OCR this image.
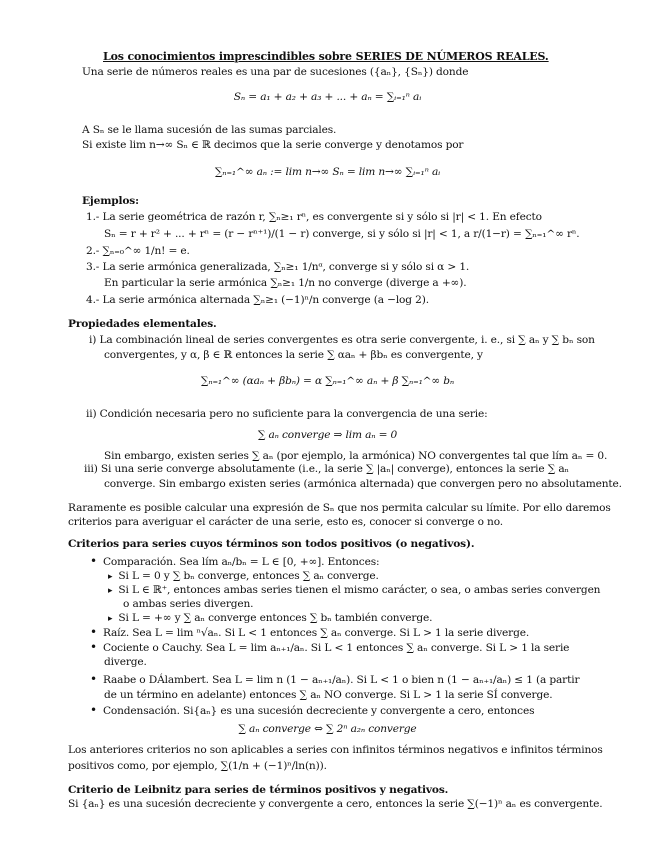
Los conocimientos imprescindibles sobre SERIES DE NÚMEROS REALES.
Una serie de números reales es una par de sucesiones ({aₙ}, {Sₙ}) donde
Sₙ = a₁ + a₂ + a₃ + ... + aₙ = ∑ᵢ₌₁ⁿ aᵢ
A Sₙ se le llama sucesión de las sumas parciales.
Si existe lim n→∞ Sₙ ∈ ℝ decimos que la serie converge y denotamos por
∑ₙ₌₁^∞ aₙ := lim n→∞ Sₙ = lim n→∞ ∑ᵢ₌₁ⁿ aᵢ
Ejemplos:
1.- La serie geométrica de razón r, ∑ₙ≥₁ rⁿ, es convergente si y sólo si |r| < 1. En efecto
Sₙ = r + r² + ... + rⁿ = (r − rⁿ⁺¹)/(1 − r) converge, si y sólo si |r| < 1, a r/(1−r) = ∑ₙ₌₁^∞ rⁿ.
2.- ∑ₙ₌₀^∞ 1/n! = e.
3.- La serie armónica generalizada, ∑ₙ≥₁ 1/nᵅ, converge si y sólo si α > 1.
En particular la serie armónica ∑ₙ≥₁ 1/n no converge (diverge a +∞).
4.- La serie armónica alternada ∑ₙ≥₁ (−1)ⁿ/n converge (a −log 2).
Propiedades elementales.
i) La combinación lineal de series convergentes es otra serie convergente, i. e., si ∑ aₙ y ∑ bₙ son
convergentes, y α, β ∈ ℝ entonces la serie ∑ αaₙ + βbₙ es convergente, y
∑ₙ₌₁^∞ (αaₙ + βbₙ) = α ∑ₙ₌₁^∞ aₙ + β ∑ₙ₌₁^∞ bₙ
ii) Condición necesaria pero no suficiente para la convergencia de una serie:
∑ aₙ converge ⇒ lim aₙ = 0
Sin embargo, existen series ∑ aₙ (por ejemplo, la armónica) NO convergentes tal que lím aₙ = 0.
iii) Si una serie converge absolutamente (i.e., la serie ∑ |aₙ| converge), entonces la serie ∑ aₙ
converge. Sin embargo existen series (armónica alternada) que convergen pero no absolutamente.
Raramente es posible calcular una expresión de Sₙ que nos permita calcular su límite. Por ello daremos
criterios para averiguar el carácter de una serie, esto es, conocer si converge o no.
Criterios para series cuyos términos son todos positivos (o negativos).
• Comparación. Sea lím aₙ/bₙ = L ∈ [0, +∞]. Entonces:
▸ Si L = 0 y ∑ bₙ converge, entonces ∑ aₙ converge.
▸ Si L ∈ ℝ⁺, entonces ambas series tienen el mismo carácter, o sea, o ambas series convergen
o ambas series divergen.
▸ Si L = +∞ y ∑ aₙ converge entonces ∑ bₙ también converge.
• Raíz. Sea L = lim ⁿ√aₙ. Si L < 1 entonces ∑ aₙ converge. Si L > 1 la serie diverge.
• Cociente o Cauchy. Sea L = lim aₙ₊₁/aₙ. Si L < 1 entonces ∑ aₙ converge. Si L > 1 la serie
diverge.
• Raabe o DÁlambert. Sea L = lim n (1 − aₙ₊₁/aₙ). Si L < 1 o bien n (1 − aₙ₊₁/aₙ) ≤ 1 (a partir
de un término en adelante) entonces ∑ aₙ NO converge. Si L > 1 la serie SÍ converge.
• Condensación. Si{aₙ} es una sucesión decreciente y convergente a cero, entonces
∑ aₙ converge ⇔ ∑ 2ⁿ a₂ₙ converge
Los anteriores criterios no son aplicables a series con infinitos términos negativos e infinitos términos
positivos como, por ejemplo, ∑(1/n + (−1)ⁿ/ln(n)).
Criterio de Leibnitz para series de términos positivos y negativos.
Si {aₙ} es una sucesión decreciente y convergente a cero, entonces la serie ∑(−1)ⁿ aₙ es convergente.
